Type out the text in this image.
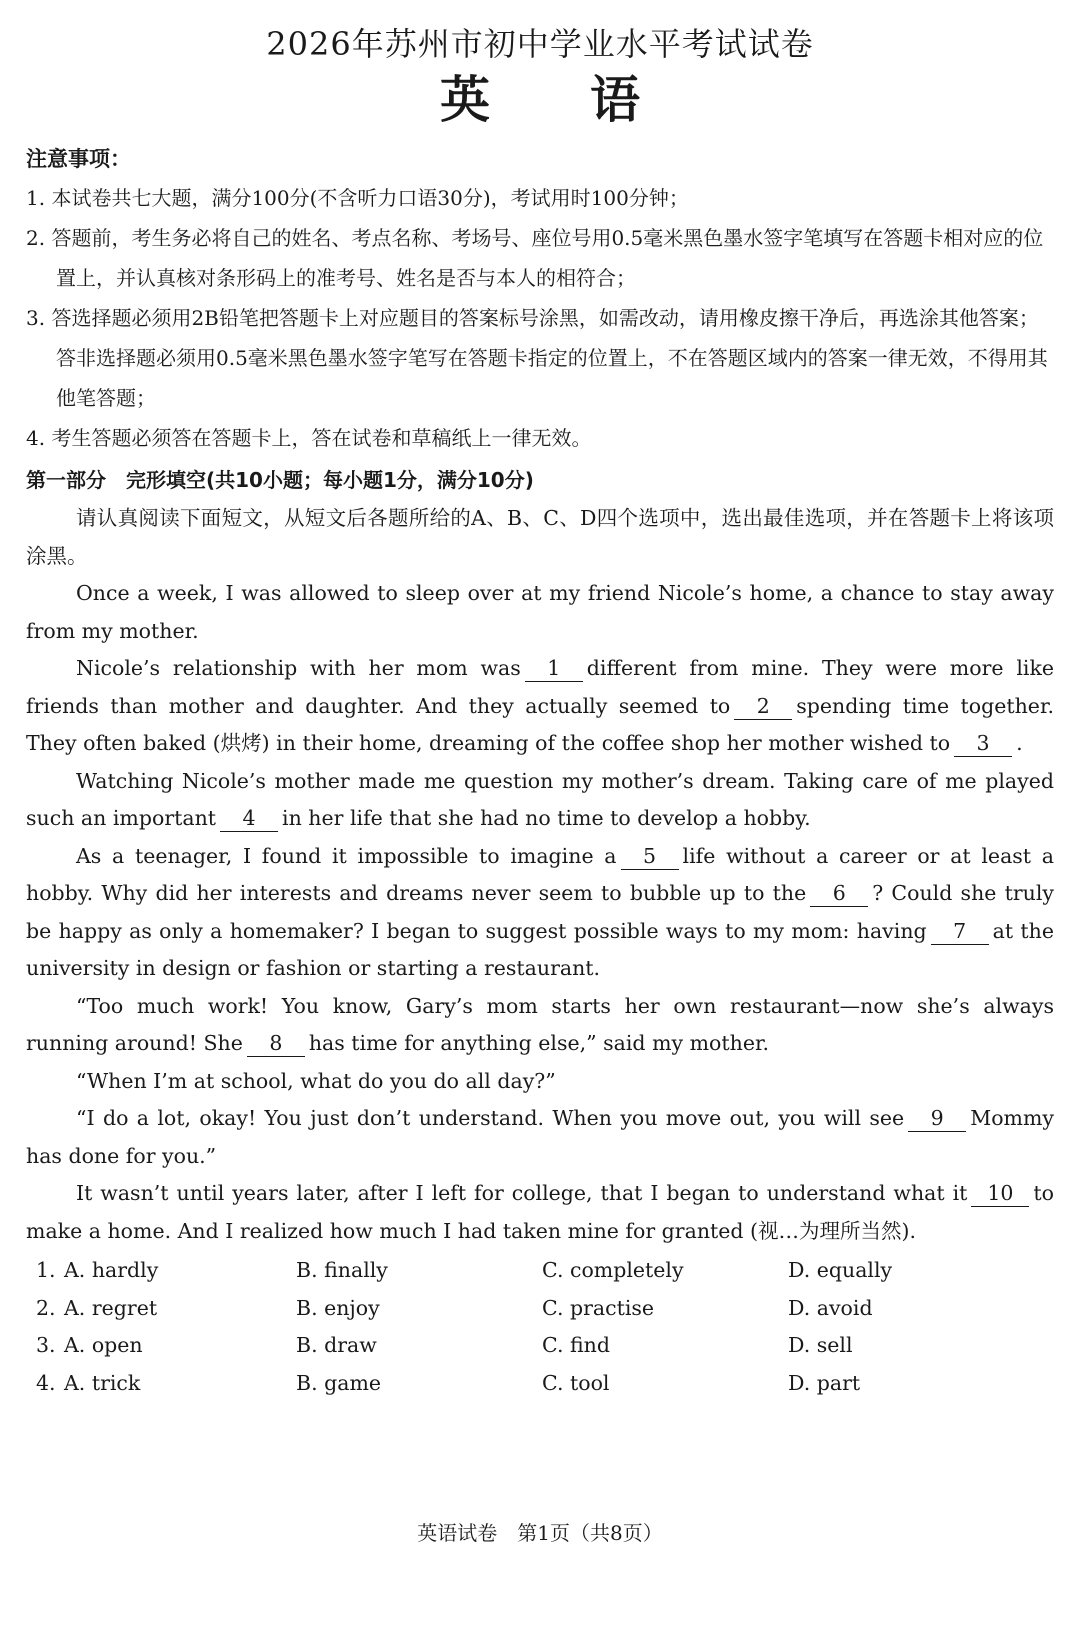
2026年苏州市初中学业水平考试试卷
英　　语
注意事项：
1. 本试卷共七大题，满分100分(不含听力口语30分)，考试用时100分钟；
2. 答题前，考生务必将自己的姓名、考点名称、考场号、座位号用0.5毫米黑色墨水签字笔填写在答题卡相对应的位置上，并认真核对条形码上的准考号、姓名是否与本人的相符合；
3. 答选择题必须用2B铅笔把答题卡上对应题目的答案标号涂黑，如需改动，请用橡皮擦干净后，再选涂其他答案；答非选择题必须用0.5毫米黑色墨水签字笔写在答题卡指定的位置上，不在答题区域内的答案一律无效，不得用其他笔答题；
4. 考生答题必须答在答题卡上，答在试卷和草稿纸上一律无效。
第一部分　完形填空(共10小题；每小题1分，满分10分)

请认真阅读下面短文，从短文后各题所给的A、B、C、D四个选项中，选出最佳选项，并在答题卡上将该项涂黑。

Once a week, I was allowed to sleep over at my friend Nicole’s home, a chance to stay away from my mother.

Nicole’s relationship with her mom was 1 different from mine. They were more like friends than mother and daughter. And they actually seemed to 2 spending time together. They often baked (烘烤) in their home, dreaming of the coffee shop her mother wished to 3 .

Watching Nicole’s mother made me question my mother’s dream. Taking care of me played such an important 4 in her life that she had no time to develop a hobby.

As a teenager, I found it impossible to imagine a 5 life without a career or at least a hobby. Why did her interests and dreams never seem to bubble up to the 6 ? Could she truly be happy as only a homemaker? I began to suggest possible ways to my mom: having 7 at the university in design or fashion or starting a restaurant.

“Too much work! You know, Gary’s mom starts her own restaurant—now she’s always running around! She 8 has time for anything else,” said my mother.

“When I’m at school, what do you do all day?”

“I do a lot, okay! You just don’t understand. When you move out, you will see 9 Mommy has done for you.”

It wasn’t until years later, after I left for college, that I began to understand what it 10 to make a home. And I realized how much I had taken mine for granted (视…为理所当然).

1. A. hardly	B. finally	C. completely	D. equally
2. A. regret	B. enjoy	C. practise	D. avoid
3. A. open	B. draw	C. find	D. sell
4. A. trick	B. game	C. tool	D. part
英语试卷　第1页（共8页）
